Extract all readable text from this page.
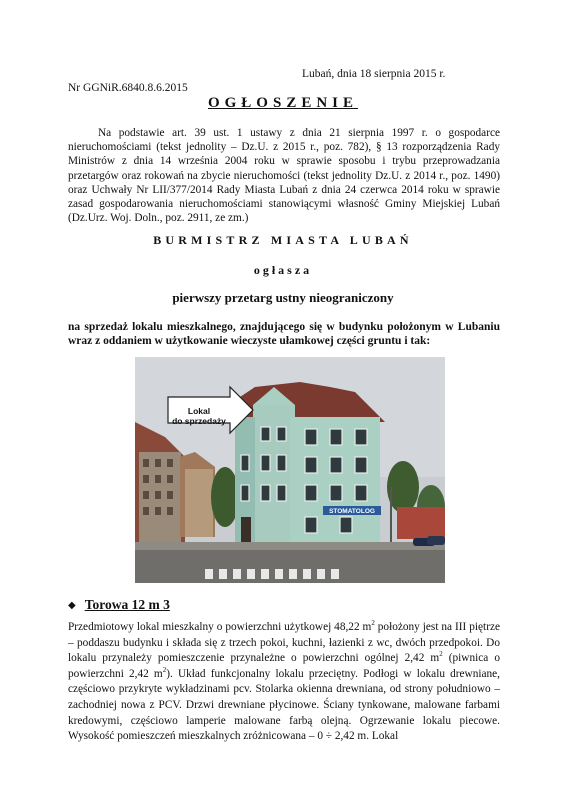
Lubań, dnia 18 sierpnia 2015 r.
Nr GGNiR.6840.8.6.2015
OGŁOSZENIE
Na podstawie art. 39 ust. 1 ustawy z dnia 21 sierpnia 1997 r. o gospodarce nieruchomościami (tekst jednolity – Dz.U. z 2015 r., poz. 782), § 13 rozporządzenia Rady Ministrów z dnia 14 września 2004 roku w sprawie sposobu i trybu przeprowadzania przetargów oraz rokowań na zbycie nieruchomości (tekst jednolity Dz.U. z 2014 r., poz. 1490) oraz Uchwały Nr LII/377/2014 Rady Miasta Lubań z dnia 24 czerwca 2014 roku w sprawie zasad gospodarowania nieruchomościami stanowiącymi własność Gminy Miejskiej Lubań (Dz.Urz. Woj. Doln., poz. 2911, ze zm.)
BURMISTRZ MIASTA LUBAŃ
ogłasza
pierwszy przetarg ustny nieograniczony
na sprzedaż lokalu mieszkalnego, znajdującego się w budynku położonym w Lubaniu wraz z oddaniem w użytkowanie wieczyste ułamkowej części gruntu i tak:
STOMATOLOG
Lokal
do sprzedaży
◆ Torowa 12 m 3
Przedmiotowy lokal mieszkalny o powierzchni użytkowej 48,22 $m^2$ położony jest na III piętrze – poddaszu budynku i składa się z trzech pokoi, kuchni, łazienki z wc, dwóch przedpokoi. Do lokalu przynależy pomieszczenie przynależne o powierzchni ogólnej 2,42 $m^2$ (piwnica o powierzchni 2,42 $m^2$). Układ funkcjonalny lokalu przeciętny. Podłogi w lokalu drewniane, częściowo przykryte wykładzinami pcv. Stolarka okienna drewniana, od strony południowo – zachodniej nowa z PCV. Drzwi drewniane płycinowe. Ściany tynkowane, malowane farbami kredowymi, częściowo lamperie malowane farbą olejną. Ogrzewanie lokalu piecowe. Wysokość pomieszczeń mieszkalnych zróżnicowana – 0 ÷ 2,42 m. Lokal
